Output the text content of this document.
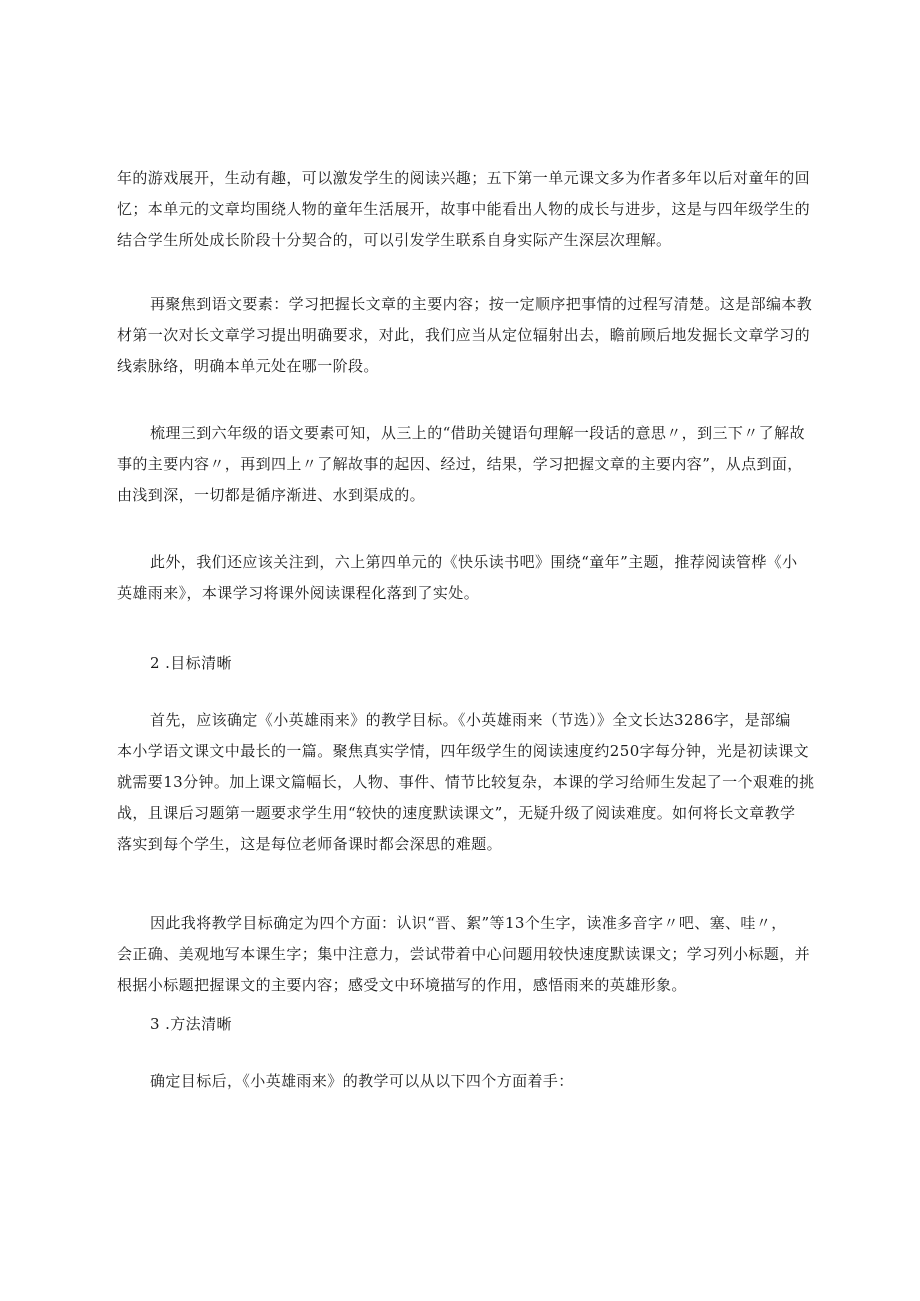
年的游戏展开，生动有趣，可以激发学生的阅读兴趣；五下第一单元课文多为作者多年以后对童年的回
忆；本单元的文章均围绕人物的童年生活展开，故事中能看出人物的成长与进步，这是与四年级学生的
结合学生所处成长阶段十分契合的，可以引发学生联系自身实际产生深层次理解。

再聚焦到语文要素：学习把握长文章的主要内容；按一定顺序把事情的过程写清楚。这是部编本教
材第一次对长文章学习提出明确要求，对此，我们应当从定位辐射出去，瞻前顾后地发掘长文章学习的
线索脉络，明确本单元处在哪一阶段。

梳理三到六年级的语文要素可知，从三上的“借助关键语句理解一段话的意思〃，到三下〃了解故
事的主要内容〃，再到四上〃了解故事的起因、经过，结果，学习把握文章的主要内容”，从点到面，
由浅到深，一切都是循序渐进、水到渠成的。

此外，我们还应该关注到，六上第四单元的《快乐读书吧》围绕“童年”主题，推荐阅读管桦《小
英雄雨来》，本课学习将课外阅读课程化落到了实处。

2 .目标清晰

首先，应该确定《小英雄雨来》的教学目标。《小英雄雨来（节选）》全文长达3286字，是部编
本小学语文课文中最长的一篇。聚焦真实学情，四年级学生的阅读速度约250字每分钟，光是初读课文
就需要13分钟。加上课文篇幅长，人物、事件、情节比较复杂，本课的学习给师生发起了一个艰难的挑
战，且课后习题第一题要求学生用“较快的速度默读课文”，无疑升级了阅读难度。如何将长文章教学
落实到每个学生，这是每位老师备课时都会深思的难题。

因此我将教学目标确定为四个方面：认识“晋、絮”等13个生字，读准多音字〃吧、塞、哇〃，
会正确、美观地写本课生字；集中注意力，尝试带着中心问题用较快速度默读课文；学习列小标题，并
根据小标题把握课文的主要内容；感受文中环境描写的作用，感悟雨来的英雄形象。

3 .方法清晰

确定目标后，《小英雄雨来》的教学可以从以下四个方面着手：
